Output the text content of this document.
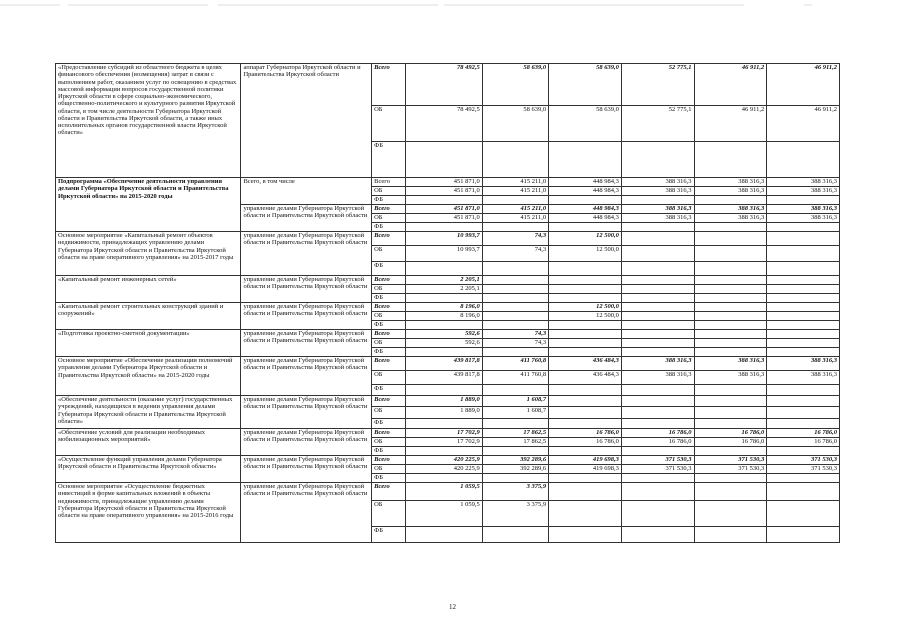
«Предоставление субсидий из областного бюджета в целях финансового обеспечения (возмещения) затрат в связи с выполнением работ, оказанием услуг по освещению в средствах массовой информации вопросов государственной политики Иркутской области в сфере социально-экономического, общественно-политического и культурного развития Иркутской области, в том числе деятельности Губернатора Иркутской области и Правительства Иркутской области, а также иных исполнительных органов государственной власти Иркутской области»	аппарат Губернатора Иркутской области и Правительства Иркутской области	Всего	78 492,5	58 639,0	58 639,0	52 775,1	46 911,2	46 911,2
		ОБ	78 492,5	58 639,0	58 639,0	52 775,1	46 911,2	46 911,2
		ФБ						
Подпрограмма «Обеспечение деятельности управления делами Губернатора Иркутской области и Правительства Иркутской области» на 2015-2020 годы	Всего, в том числе	Всего	451 871,0	415 211,0	448 984,3	388 316,3	388 316,3	388 316,3
		ОБ	451 871,0	415 211,0	448 984,3	388 316,3	388 316,3	388 316,3
		ФБ						
	управление делами Губернатора Иркутской области и Правительства Иркутской области	Всего	451 871,0	415 211,0	448 984,3	388 316,3	388 316,3	388 316,3
		ОБ	451 871,0	415 211,0	448 984,3	388 316,3	388 316,3	388 316,3
		ФБ						
Основное мероприятие «Капитальный ремонт объектов недвижимости, принадлежащих управлению делами Губернатора Иркутской области и Правительства Иркутской области на праве оперативного управления» на 2015-2017 годы	управление делами Губернатора Иркутской области и Правительства Иркутской области	Всего	10 993,7	74,3	12 500,0			
		ОБ	10 993,7	74,3	12 500,0			
		ФБ						
«Капитальный ремонт инженерных сетей»	управление делами Губернатора Иркутской области и Правительства Иркутской области	Всего	2 205,1					
		ОБ	2 205,1					
		ФБ						
«Капитальный ремонт строительных конструкций зданий и сооружений»	управление делами Губернатора Иркутской области и Правительства Иркутской области	Всего	8 196,0		12 500,0			
		ОБ	8 196,0		12 500,0			
		ФБ						
«Подготовка проектно-сметной документации»	управление делами Губернатора Иркутской области и Правительства Иркутской области	Всего	592,6	74,3				
		ОБ	592,6	74,3				
		ФБ						
Основное мероприятие «Обеспечение реализации полномочий управления делами Губернатора Иркутской области и Правительства Иркутской области» на 2015-2020 годы	управление делами Губернатора Иркутской области и Правительства Иркутской области	Всего	439 817,8	411 760,8	436 484,3	388 316,3	388 316,3	388 316,3
		ОБ	439 817,8	411 760,8	436 484,3	388 316,3	388 316,3	388 316,3
		ФБ						
«Обеспечение деятельности (оказание услуг) государственных учреждений, находящихся в ведении управления делами Губернатора Иркутской области и Правительства Иркутской области»	управление делами Губернатора Иркутской области и Правительства Иркутской области	Всего	1 889,0	1 608,7				
		ОБ	1 889,0	1 608,7				
		ФБ						
«Обеспечение условий для реализации необходимых мобилизационных мероприятий»	управление делами Губернатора Иркутской области и Правительства Иркутской области	Всего	17 702,9	17 862,5	16 786,0	16 786,0	16 786,0	16 786,0
		ОБ	17 702,9	17 862,5	16 786,0	16 786,0	16 786,0	16 786,0
		ФБ						
«Осуществление функций управления делами Губернатора Иркутской области и Правительства Иркутской области»	управление делами Губернатора Иркутской области и Правительства Иркутской области	Всего	420 225,9	392 289,6	419 698,3	371 530,3	371 530,3	371 530,3
		ОБ	420 225,9	392 289,6	419 698,3	371 530,3	371 530,3	371 530,3
		ФБ						
Основное мероприятие «Осуществление бюджетных инвестиций в форме капитальных вложений в объекты недвижимости, принадлежащие управлению делами Губернатора Иркутской области и Правительства Иркутской области на праве оперативного управления» на 2015-2016 годы	управление делами Губернатора Иркутской области и Правительства Иркутской области	Всего	1 059,5	3 375,9				
		ОБ	1 059,5	3 375,9				
		ФБ						
12
